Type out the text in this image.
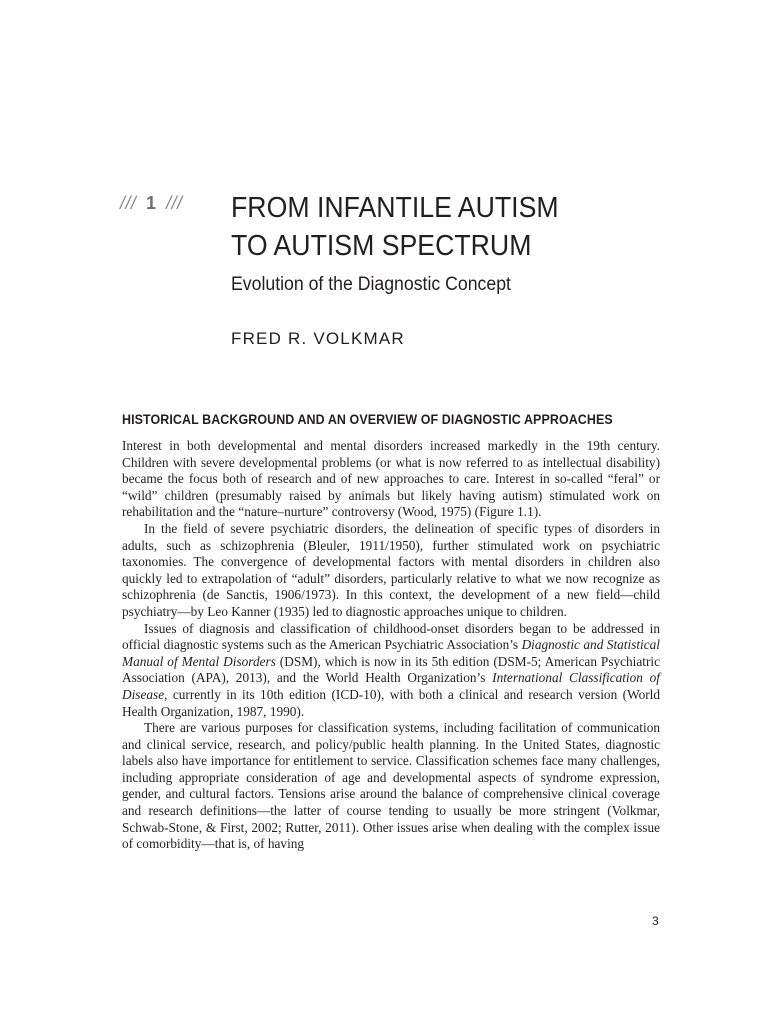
/// 1 /// FROM INFANTILE AUTISM
TO AUTISM SPECTRUM
Evolution of the Diagnostic Concept
FRED R. VOLKMAR
HISTORICAL BACKGROUND AND AN OVERVIEW OF DIAGNOSTIC APPROACHES

Interest in both developmental and mental disorders increased markedly in the 19th century. Children with severe developmental problems (or what is now referred to as intellectual disability) became the focus both of research and of new approaches to care. Interest in so-called “feral” or “wild” children (presumably raised by animals but likely having autism) stimulated work on rehabilitation and the “nature–nurture” controversy (Wood, 1975) (Figure 1.1).

In the field of severe psychiatric disorders, the delineation of specific types of disorders in adults, such as schizophrenia (Bleuler, 1911/1950), further stimulated work on psychiatric taxonomies. The convergence of developmental factors with mental disorders in children also quickly led to extrapolation of “adult” disorders, particularly relative to what we now recognize as schizophrenia (de Sanctis, 1906/1973). In this context, the development of a new field—child psychiatry—by Leo Kanner (1935) led to diagnostic approaches unique to children.

Issues of diagnosis and classification of childhood-onset disorders began to be addressed in official diagnostic systems such as the American Psychiatric Association’s Diagnostic and Statistical Manual of Mental Disorders (DSM), which is now in its 5th edition (DSM-5; American Psychiatric Association (APA), 2013), and the World Health Organization’s International Classification of Disease, currently in its 10th edition (ICD-10), with both a clinical and research version (World Health Organization, 1987, 1990).

There are various purposes for classification systems, including facilitation of communication and clinical service, research, and policy/public health planning. In the United States, diagnostic labels also have importance for entitlement to service. Classification schemes face many challenges, including appropriate consideration of age and developmental aspects of syndrome expression, gender, and cultural factors. Tensions arise around the balance of comprehensive clinical coverage and research definitions—the latter of course tending to usually be more stringent (Volkmar, Schwab-Stone, & First, 2002; Rutter, 2011). Other issues arise when dealing with the complex issue of comorbidity—that is, of having

3
